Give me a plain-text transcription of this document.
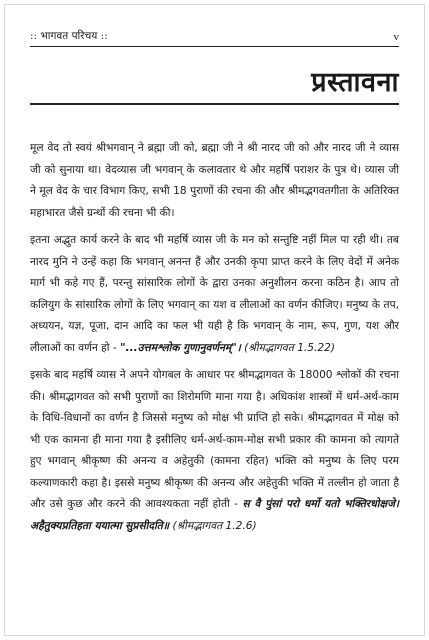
:: भागवत परिचय ::	v
प्रस्तावना

मूल वेद तो स्वयं श्रीभगवान् ने ब्रह्मा जी को, ब्रह्मा जी ने श्री नारद जी को और नारद जी ने व्यास जी को सुनाया था। वेदव्यास जी भगवान् के कलावतार थे और महर्षि पराशर के पुत्र थे। व्यास जी ने मूल वेद के चार विभाग किए, सभी 18 पुराणों की रचना की और श्रीमद्भगवतगीता के अतिरिक्त महाभारत जैसे ग्रन्थों की रचना भी की।

इतना अद्भुत कार्य करने के बाद भी महर्षि व्यास जी के मन को सन्तुष्टि नहीं मिल पा रही थी। तब नारद मुनि ने उन्हें कहा कि भगवान् अनन्त हैं और उनकी कृपा प्राप्त करने के लिए वेदों में अनेक मार्ग भी कहे गए हैं, परन्तु सांसारिक लोगों के द्वारा उनका अनुशीलन करना कठिन है। आप तो कलियुग के सांसारिक लोगों के लिए भगवान् का यश व लीलाओं का वर्णन कीजिए। मनुष्य के तप, अध्ययन, यज्ञ, पूजा, दान आदि का फल भी यही है कि भगवान् के नाम, रूप, गुण, यश और लीलाओं का वर्णन हो - "...उत्तमश्लोक गुणानुवर्णनम्"। (श्रीमद्भागवत 1.5.22)

इसके बाद महर्षि व्यास ने अपने योगबल के आधार पर श्रीमद्भागवत के 18000 श्लोकों की रचना की। श्रीमद्भागवत को सभी पुराणों का शिरोमणि माना गया है। अधिकांश शास्त्रों में धर्म-अर्थ-काम के विधि-विधानों का वर्णन है जिससे मनुष्य को मोक्ष भी प्राप्ति हो सके। श्रीमद्भागवत में मोक्ष को भी एक कामना ही माना गया है इसीलिए धर्म-अर्थ-काम-मोक्ष सभी प्रकार की कामना को त्यागते हुए भगवान् श्रीकृष्ण की अनन्य व अहेतुकी (कामना रहित) भक्ति को मनुष्य के लिए परम कल्याणकारी कहा है। इससे मनुष्य श्रीकृष्ण की अनन्य और अहेतुकी भक्ति में तल्लीन हो जाता है और उसे कुछ और करने की आवश्यकता नहीं होती - स वै पुंसां परो धर्मो यतो भक्तिरधोक्षजे। अहैतुक्यप्रतिहता ययात्मा सुप्रसीदति॥ (श्रीमद्भागवत 1.2.6)
